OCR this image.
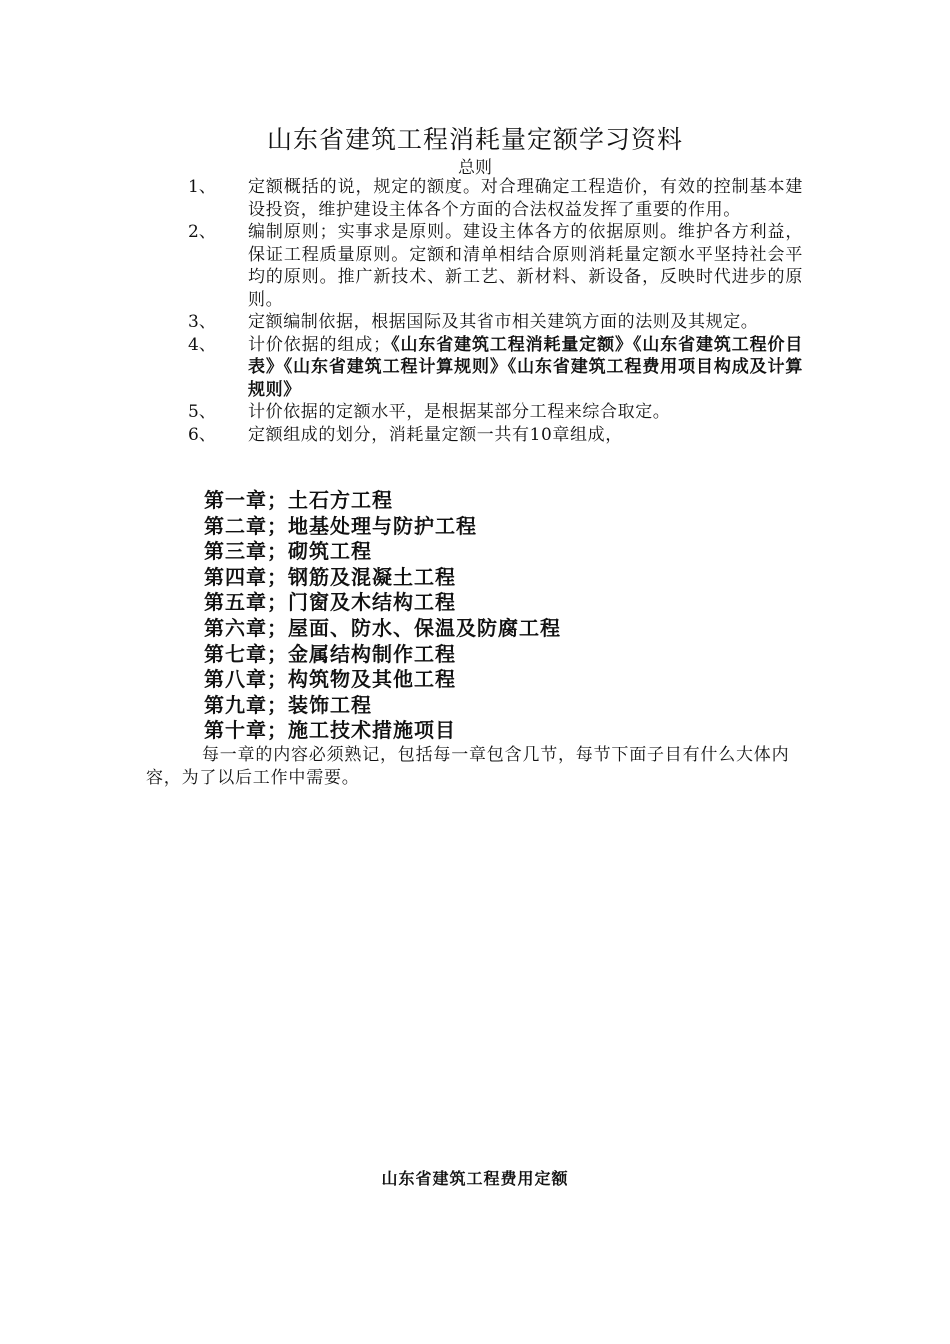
山东省建筑工程消耗量定额学习资料
总则
1、	定额概括的说，规定的额度。对合理确定工程造价，有效的控制基本建设投资，维护建设主体各个方面的合法权益发挥了重要的作用。
2、	编制原则；实事求是原则。建设主体各方的依据原则。维护各方利益，保证工程质量原则。定额和清单相结合原则消耗量定额水平坚持社会平均的原则。推广新技术、新工艺、新材料、新设备，反映时代进步的原则。
3、	定额编制依据，根据国际及其省市相关建筑方面的法则及其规定。
4、	计价依据的组成；《山东省建筑工程消耗量定额》《山东省建筑工程价目表》《山东省建筑工程计算规则》《山东省建筑工程费用项目构成及计算规则》
5、	计价依据的定额水平，是根据某部分工程来综合取定。
6、	定额组成的划分，消耗量定额一共有10章组成，
第一章；土石方工程
第二章；地基处理与防护工程
第三章；砌筑工程
第四章；钢筋及混凝土工程
第五章；门窗及木结构工程
第六章；屋面、防水、保温及防腐工程
第七章；金属结构制作工程
第八章；构筑物及其他工程
第九章；装饰工程
第十章；施工技术措施项目
每一章的内容必须熟记，包括每一章包含几节，每节下面子目有什么大体内容，为了以后工作中需要。
山东省建筑工程费用定额
